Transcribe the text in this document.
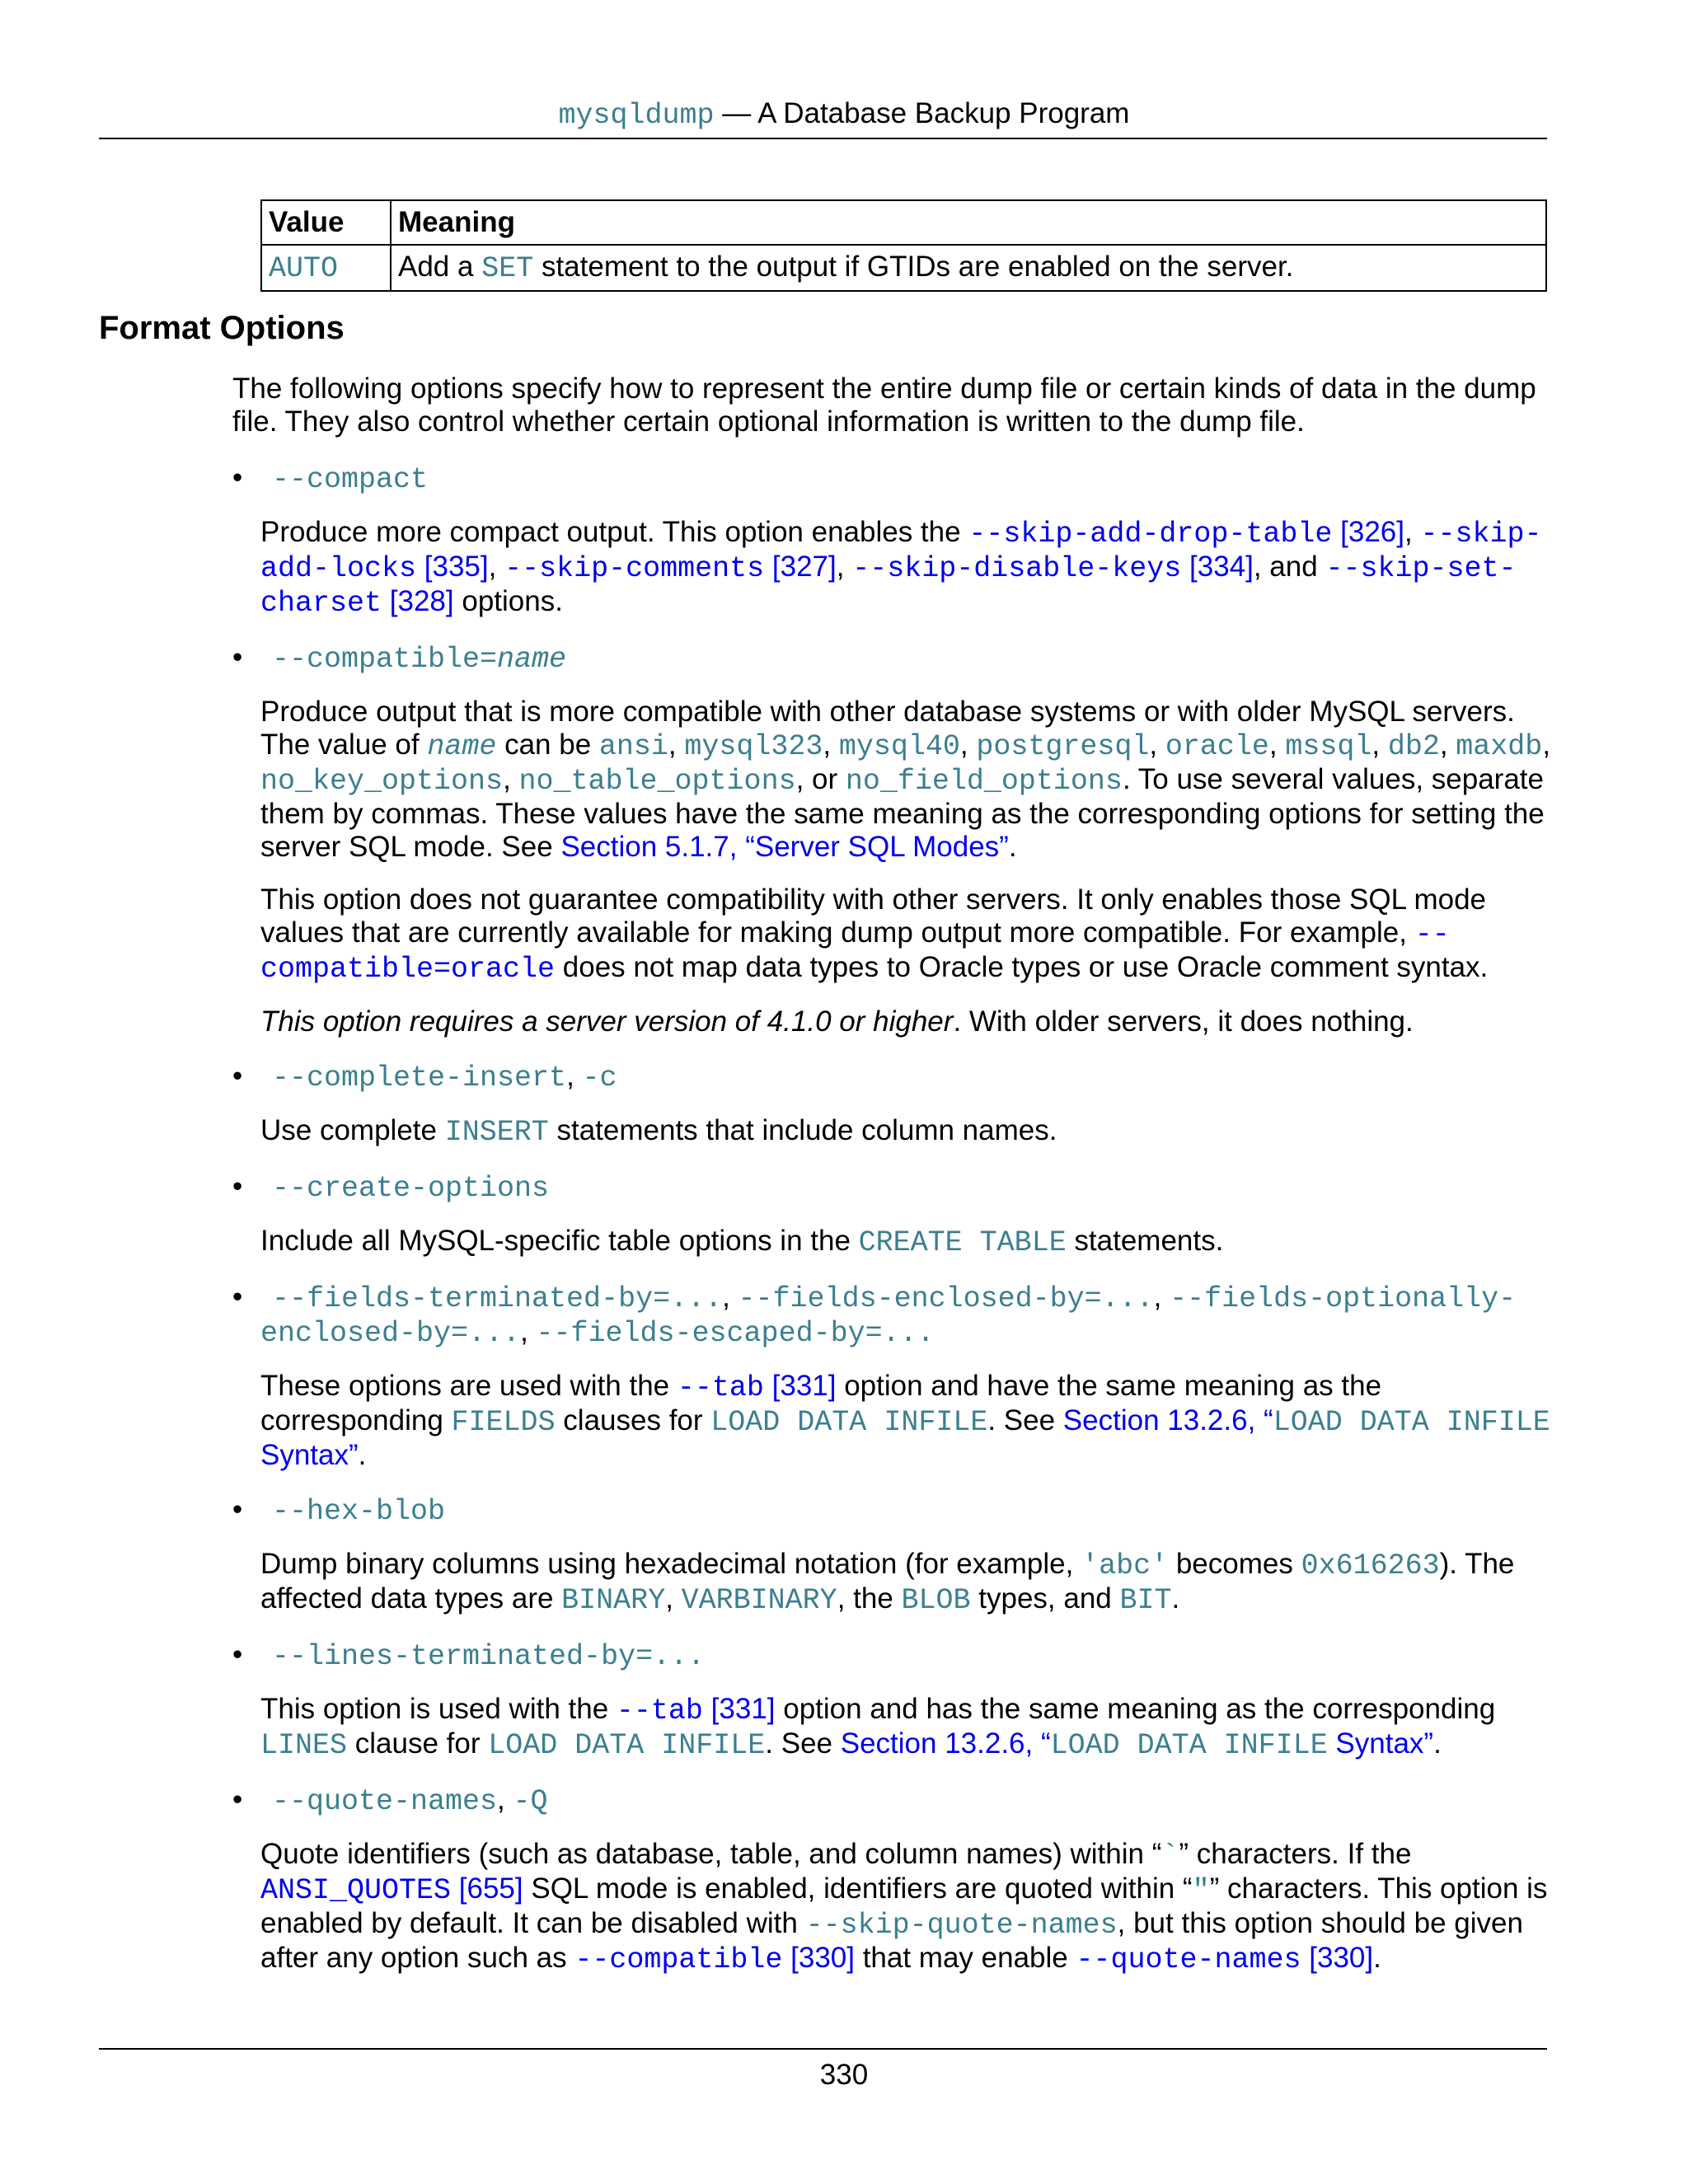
mysqldump — A Database Backup Program
Value	Meaning
AUTO	Add a SET statement to the output if GTIDs are enabled on the server.
Format Options

The following options specify how to represent the entire dump file or certain kinds of data in the dump file. They also control whether certain optional information is written to the dump file.

•	--compact

Produce more compact output. This option enables the --skip-add-drop-table [326], --skip-add-locks [335], --skip-comments [327], --skip-disable-keys [334], and --skip-set-charset [328] options.

•	--compatible=name

Produce output that is more compatible with other database systems or with older MySQL servers. The value of name can be ansi, mysql323, mysql40, postgresql, oracle, mssql, db2, maxdb, no_key_options, no_table_options, or no_field_options. To use several values, separate them by commas. These values have the same meaning as the corresponding options for setting the server SQL mode. See Section 5.1.7, “Server SQL Modes”.

This option does not guarantee compatibility with other servers. It only enables those SQL mode values that are currently available for making dump output more compatible. For example, --compatible=oracle does not map data types to Oracle types or use Oracle comment syntax.

This option requires a server version of 4.1.0 or higher. With older servers, it does nothing.

•	--complete-insert, -c

Use complete INSERT statements that include column names.

•	--create-options

Include all MySQL-specific table options in the CREATE TABLE statements.

•	--fields-terminated-by=..., --fields-enclosed-by=..., --fields-optionally-enclosed-by=..., --fields-escaped-by=...

These options are used with the --tab [331] option and have the same meaning as the corresponding FIELDS clauses for LOAD DATA INFILE. See Section 13.2.6, “LOAD DATA INFILE Syntax”.

•	--hex-blob

Dump binary columns using hexadecimal notation (for example, 'abc' becomes 0x616263). The affected data types are BINARY, VARBINARY, the BLOB types, and BIT.

•	--lines-terminated-by=...

This option is used with the --tab [331] option and has the same meaning as the corresponding LINES clause for LOAD DATA INFILE. See Section 13.2.6, “LOAD DATA INFILE Syntax”.

•	--quote-names, -Q

Quote identifiers (such as database, table, and column names) within “`” characters. If the ANSI_QUOTES [655] SQL mode is enabled, identifiers are quoted within “"” characters. This option is enabled by default. It can be disabled with --skip-quote-names, but this option should be given after any option such as --compatible [330] that may enable --quote-names [330].

330
